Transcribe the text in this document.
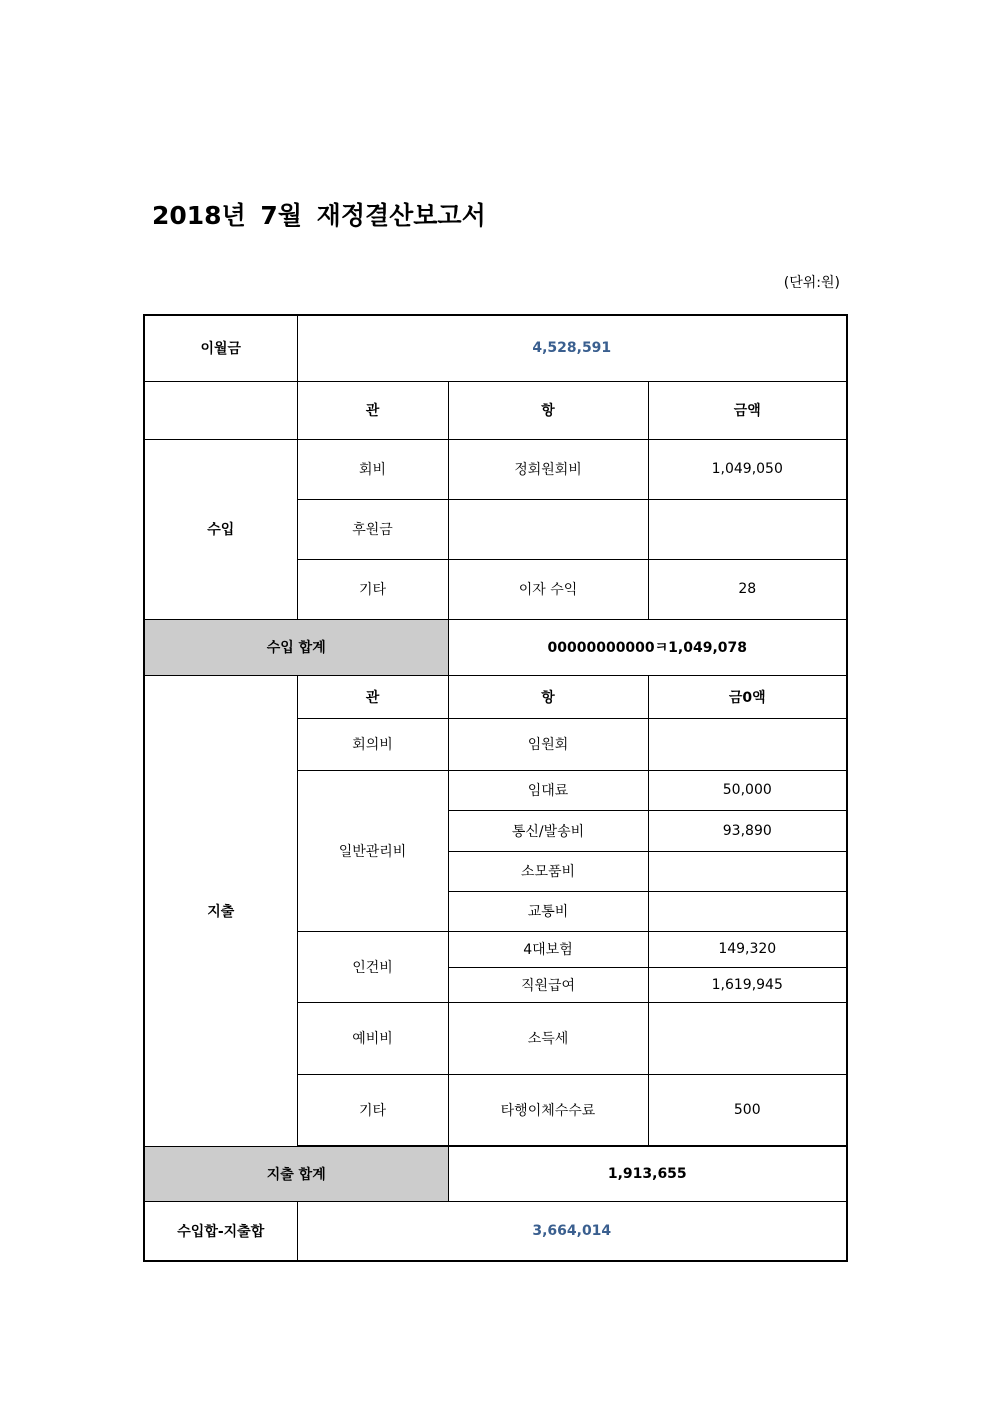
2018년 7월 재정결산보고서
(단위:원)
이월금	4,528,591		
	관	항	금액
수입	회비	정회원회비	1,049,050
	후원금		
	기타	이자 수익	28
수입 합계		00000000000ㅋ1,049,078	
지출	관	항	금0액
	회의비	임원회	
	일반관리비	임대료	50,000
		통신/발송비	93,890
		소모품비	
		교통비	
	인건비	4대보험	149,320
		직원급여	1,619,945
	예비비	소득세	
	기타	타행이체수수료	500

지출 합계		1,913,655	
수입합-지출합	3,664,014		
